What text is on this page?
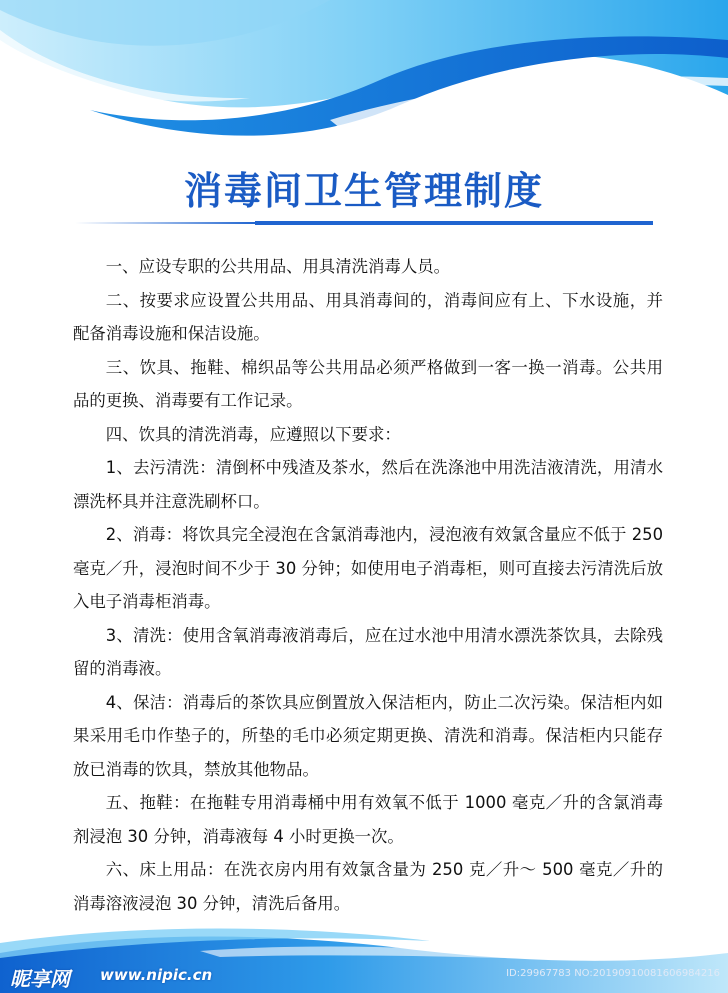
消毒间卫生管理制度

一、应设专职的公共用品、用具清洗消毒人员。

二、按要求应设置公共用品、用具消毒间的，消毒间应有上、下水设施，并配备消毒设施和保洁设施。

三、饮具、拖鞋、棉织品等公共用品必须严格做到一客一换一消毒。公共用品的更换、消毒要有工作记录。

四、饮具的清洗消毒，应遵照以下要求：

1、去污清洗：清倒杯中残渣及茶水，然后在洗涤池中用洗洁液清洗，用清水漂洗杯具并注意洗刷杯口。

2、消毒：将饮具完全浸泡在含氯消毒池内，浸泡液有效氯含量应不低于 250 毫克／升，浸泡时间不少于 30 分钟；如使用电子消毒柜，则可直接去污清洗后放入电子消毒柜消毒。

3、清洗：使用含氧消毒液消毒后，应在过水池中用清水漂洗茶饮具，去除残留的消毒液。

4、保洁：消毒后的茶饮具应倒置放入保洁柜内，防止二次污染。保洁柜内如果采用毛巾作垫子的，所垫的毛巾必须定期更换、清洗和消毒。保洁柜内只能存放已消毒的饮具，禁放其他物品。

五、拖鞋：在拖鞋专用消毒桶中用有效氧不低于 1000 毫克／升的含氯消毒剂浸泡 30 分钟，消毒液每 4 小时更换一次。

六、床上用品：在洗衣房内用有效氯含量为 250 克／升～ 500 毫克／升的消毒溶液浸泡 30 分钟，清洗后备用。

昵享网 www.nipic.cn	ID:29967783 NO:20190910081606984216
